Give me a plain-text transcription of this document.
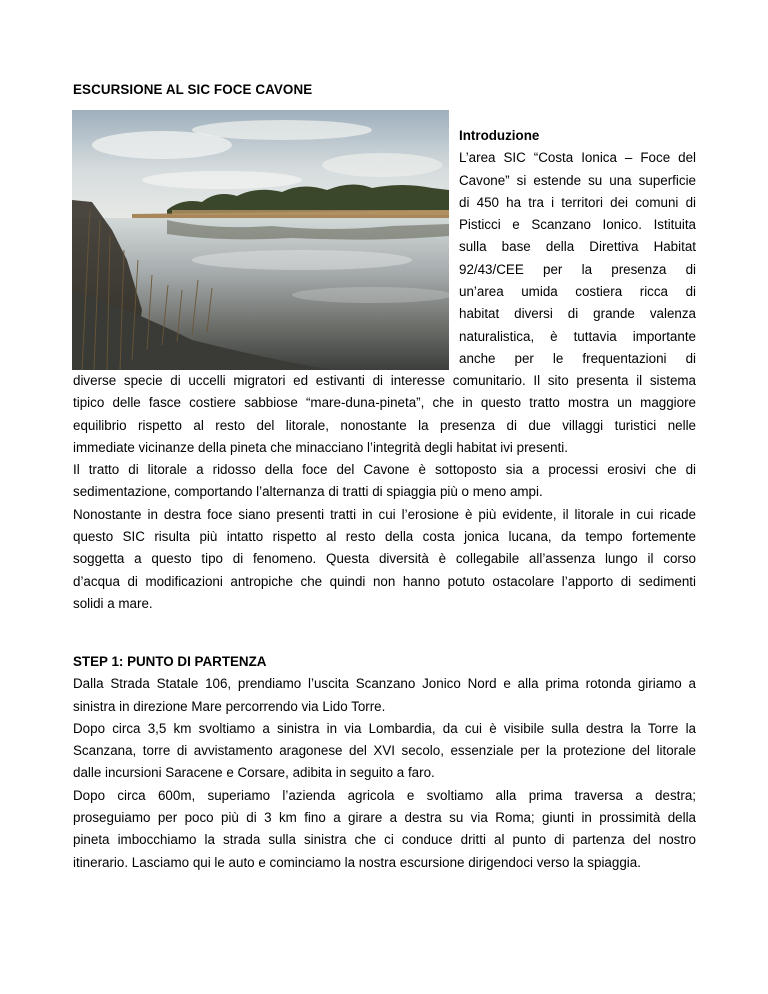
ESCURSIONE AL SIC FOCE CAVONE
Introduzione
L’area SIC “Costa Ionica – Foce del
Cavone” si estende su una superficie
di 450 ha tra i territori dei comuni di
Pisticci e Scanzano Ionico. Istituita
sulla base della Direttiva Habitat
92/43/CEE per la presenza di
un’area umida costiera ricca di
habitat diversi di grande valenza
naturalistica, è tuttavia importante
anche per le frequentazioni di
diverse specie di uccelli migratori ed estivanti di interesse comunitario. Il sito presenta il sistema
tipico delle fasce costiere sabbiose “mare-duna-pineta”, che in questo tratto mostra un maggiore
equilibrio rispetto al resto del litorale, nonostante la presenza di due villaggi turistici nelle
immediate vicinanze della pineta che minacciano l’integrità degli habitat ivi presenti.
Il tratto di litorale a ridosso della foce del Cavone è sottoposto sia a processi erosivi che di
sedimentazione, comportando l’alternanza di tratti di spiaggia più o meno ampi.
Nonostante in destra foce siano presenti tratti in cui l’erosione è più evidente, il litorale in cui ricade
questo SIC risulta più intatto rispetto al resto della costa jonica lucana, da tempo fortemente
soggetta a questo tipo di fenomeno. Questa diversità è collegabile all’assenza lungo il corso
d’acqua di modificazioni antropiche che quindi non hanno potuto ostacolare l’apporto di sedimenti
solidi a mare.
STEP 1: PUNTO DI PARTENZA
Dalla Strada Statale 106, prendiamo l’uscita Scanzano Jonico Nord e alla prima rotonda giriamo a
sinistra in direzione Mare percorrendo via Lido Torre.
Dopo circa 3,5 km svoltiamo a sinistra in via Lombardia, da cui è visibile sulla destra la Torre la
Scanzana, torre di avvistamento aragonese del XVI secolo, essenziale per la protezione del litorale
dalle incursioni Saracene e Corsare, adibita in seguito a faro.
Dopo circa 600m, superiamo l’azienda agricola e svoltiamo alla prima traversa a destra;
proseguiamo per poco più di 3 km fino a girare a destra su via Roma; giunti in prossimità della
pineta imbocchiamo la strada sulla sinistra che ci conduce dritti al punto di partenza del nostro
itinerario. Lasciamo qui le auto e cominciamo la nostra escursione dirigendoci verso la spiaggia.
